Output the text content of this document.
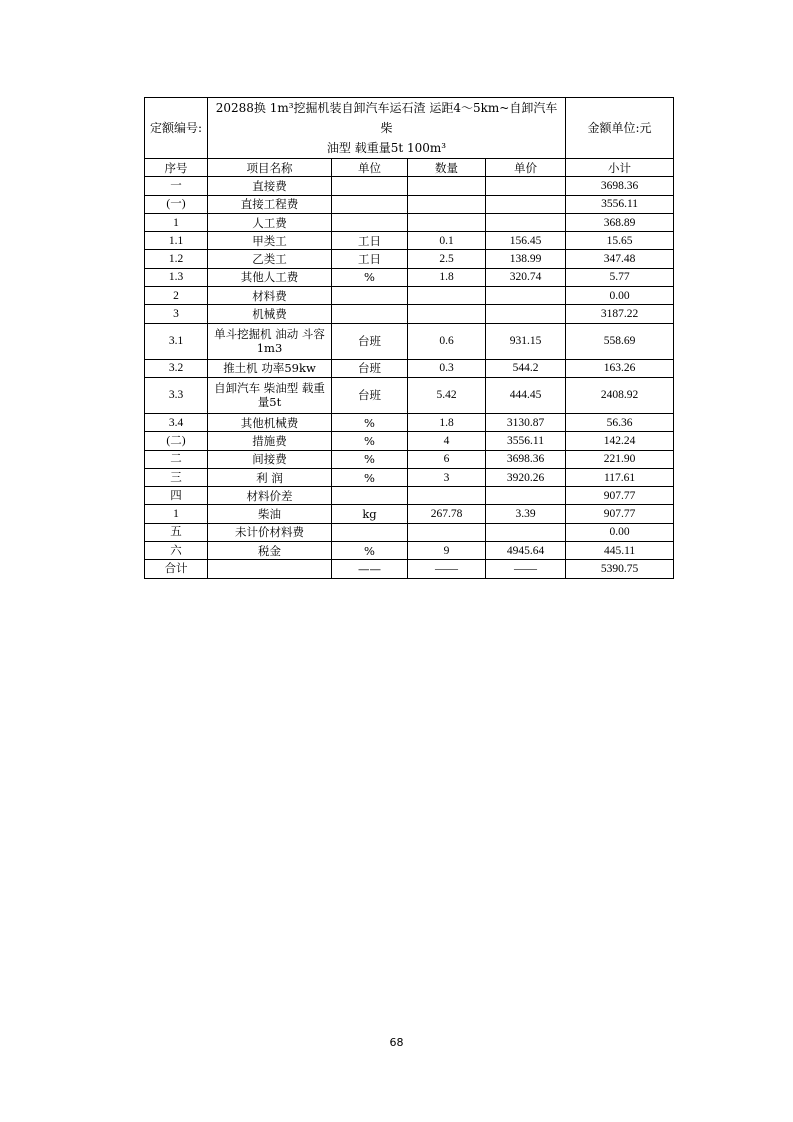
定额编号:	20288换 1m³挖掘机装自卸汽车运石渣 运距4～5km~自卸汽车 柴
油型 载重量5t 100m³				金额单位:元
序号	项目名称	单位	数量	单价	小计
一	直接费				3698.36
(一)	直接工程费				3556.11
1	人工费				368.89
1.1	甲类工	工日	0.1	156.45	15.65
1.2	乙类工	工日	2.5	138.99	347.48
1.3	其他人工费	%	1.8	320.74	5.77
2	材料费				0.00
3	机械费				3187.22
3.1	单斗挖掘机 油动 斗容1m3	台班	0.6	931.15	558.69
3.2	推土机 功率59kw	台班	0.3	544.2	163.26
3.3	自卸汽车 柴油型 载重量5t	台班	5.42	444.45	2408.92
3.4	其他机械费	%	1.8	3130.87	56.36
(二)	措施费	%	4	3556.11	142.24
二	间接费	%	6	3698.36	221.90
三	利 润	%	3	3920.26	117.61
四	材料价差				907.77
1	柴油	kg	267.78	3.39	907.77
五	未计价材料费				0.00
六	税金	%	9	4945.64	445.11
合计		——	——	——	5390.75
68
